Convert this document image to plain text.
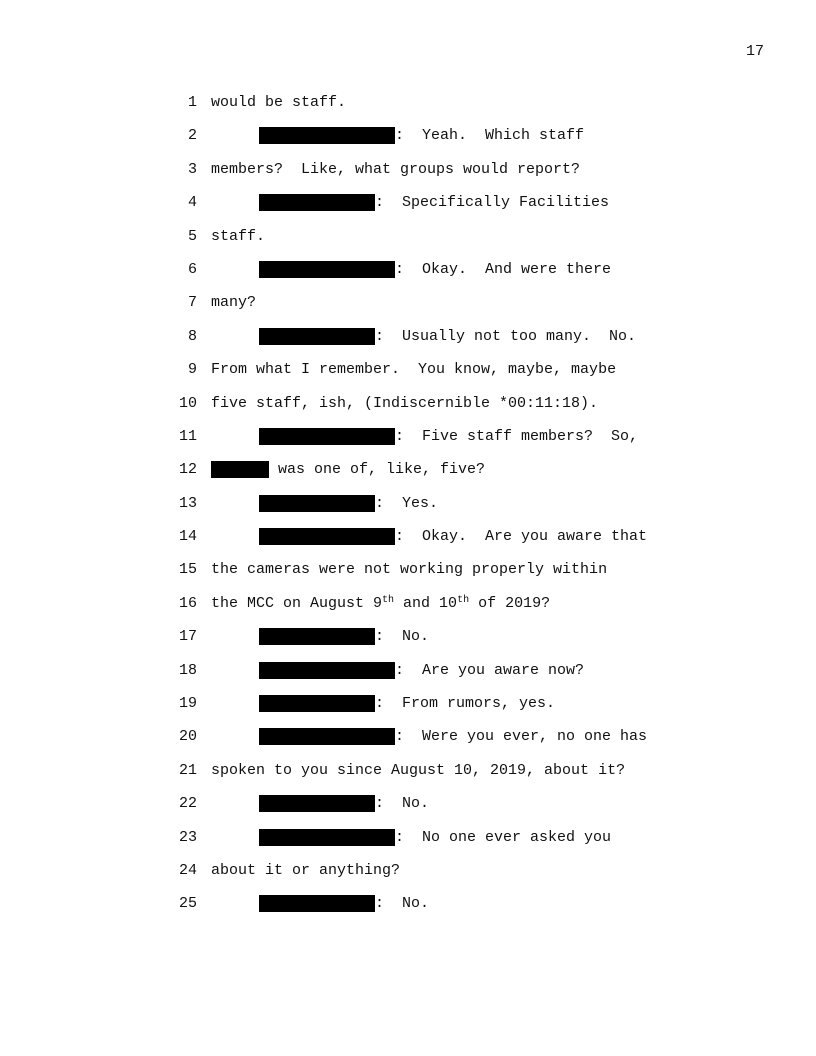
17

1

would be staff.

2

	:  Yeah.  Which staff

3

members?  Like, what groups would report?

4

	:  Specifically Facilities

5

staff.

6

	:  Okay.  And were there

7

many?

8

	:  Usually not too many.  No.

9

From what I remember.  You know, maybe, maybe

10

five staff, ish, (Indiscernible *00:11:18).

11

	:  Five staff members?  So,

12

	was one of, like, five?

13

	:  Yes.

14

	:  Okay.  Are you aware that

15

the cameras were not working properly within

16

the MCC on August 9th and 10th of 2019?

17

	:  No.

18

	:  Are you aware now?

19

	:  From rumors, yes.

20

	:  Were you ever, no one has

21

spoken to you since August 10, 2019, about it?

22

	:  No.

23

	:  No one ever asked you

24

about it or anything?

25

	:  No.
